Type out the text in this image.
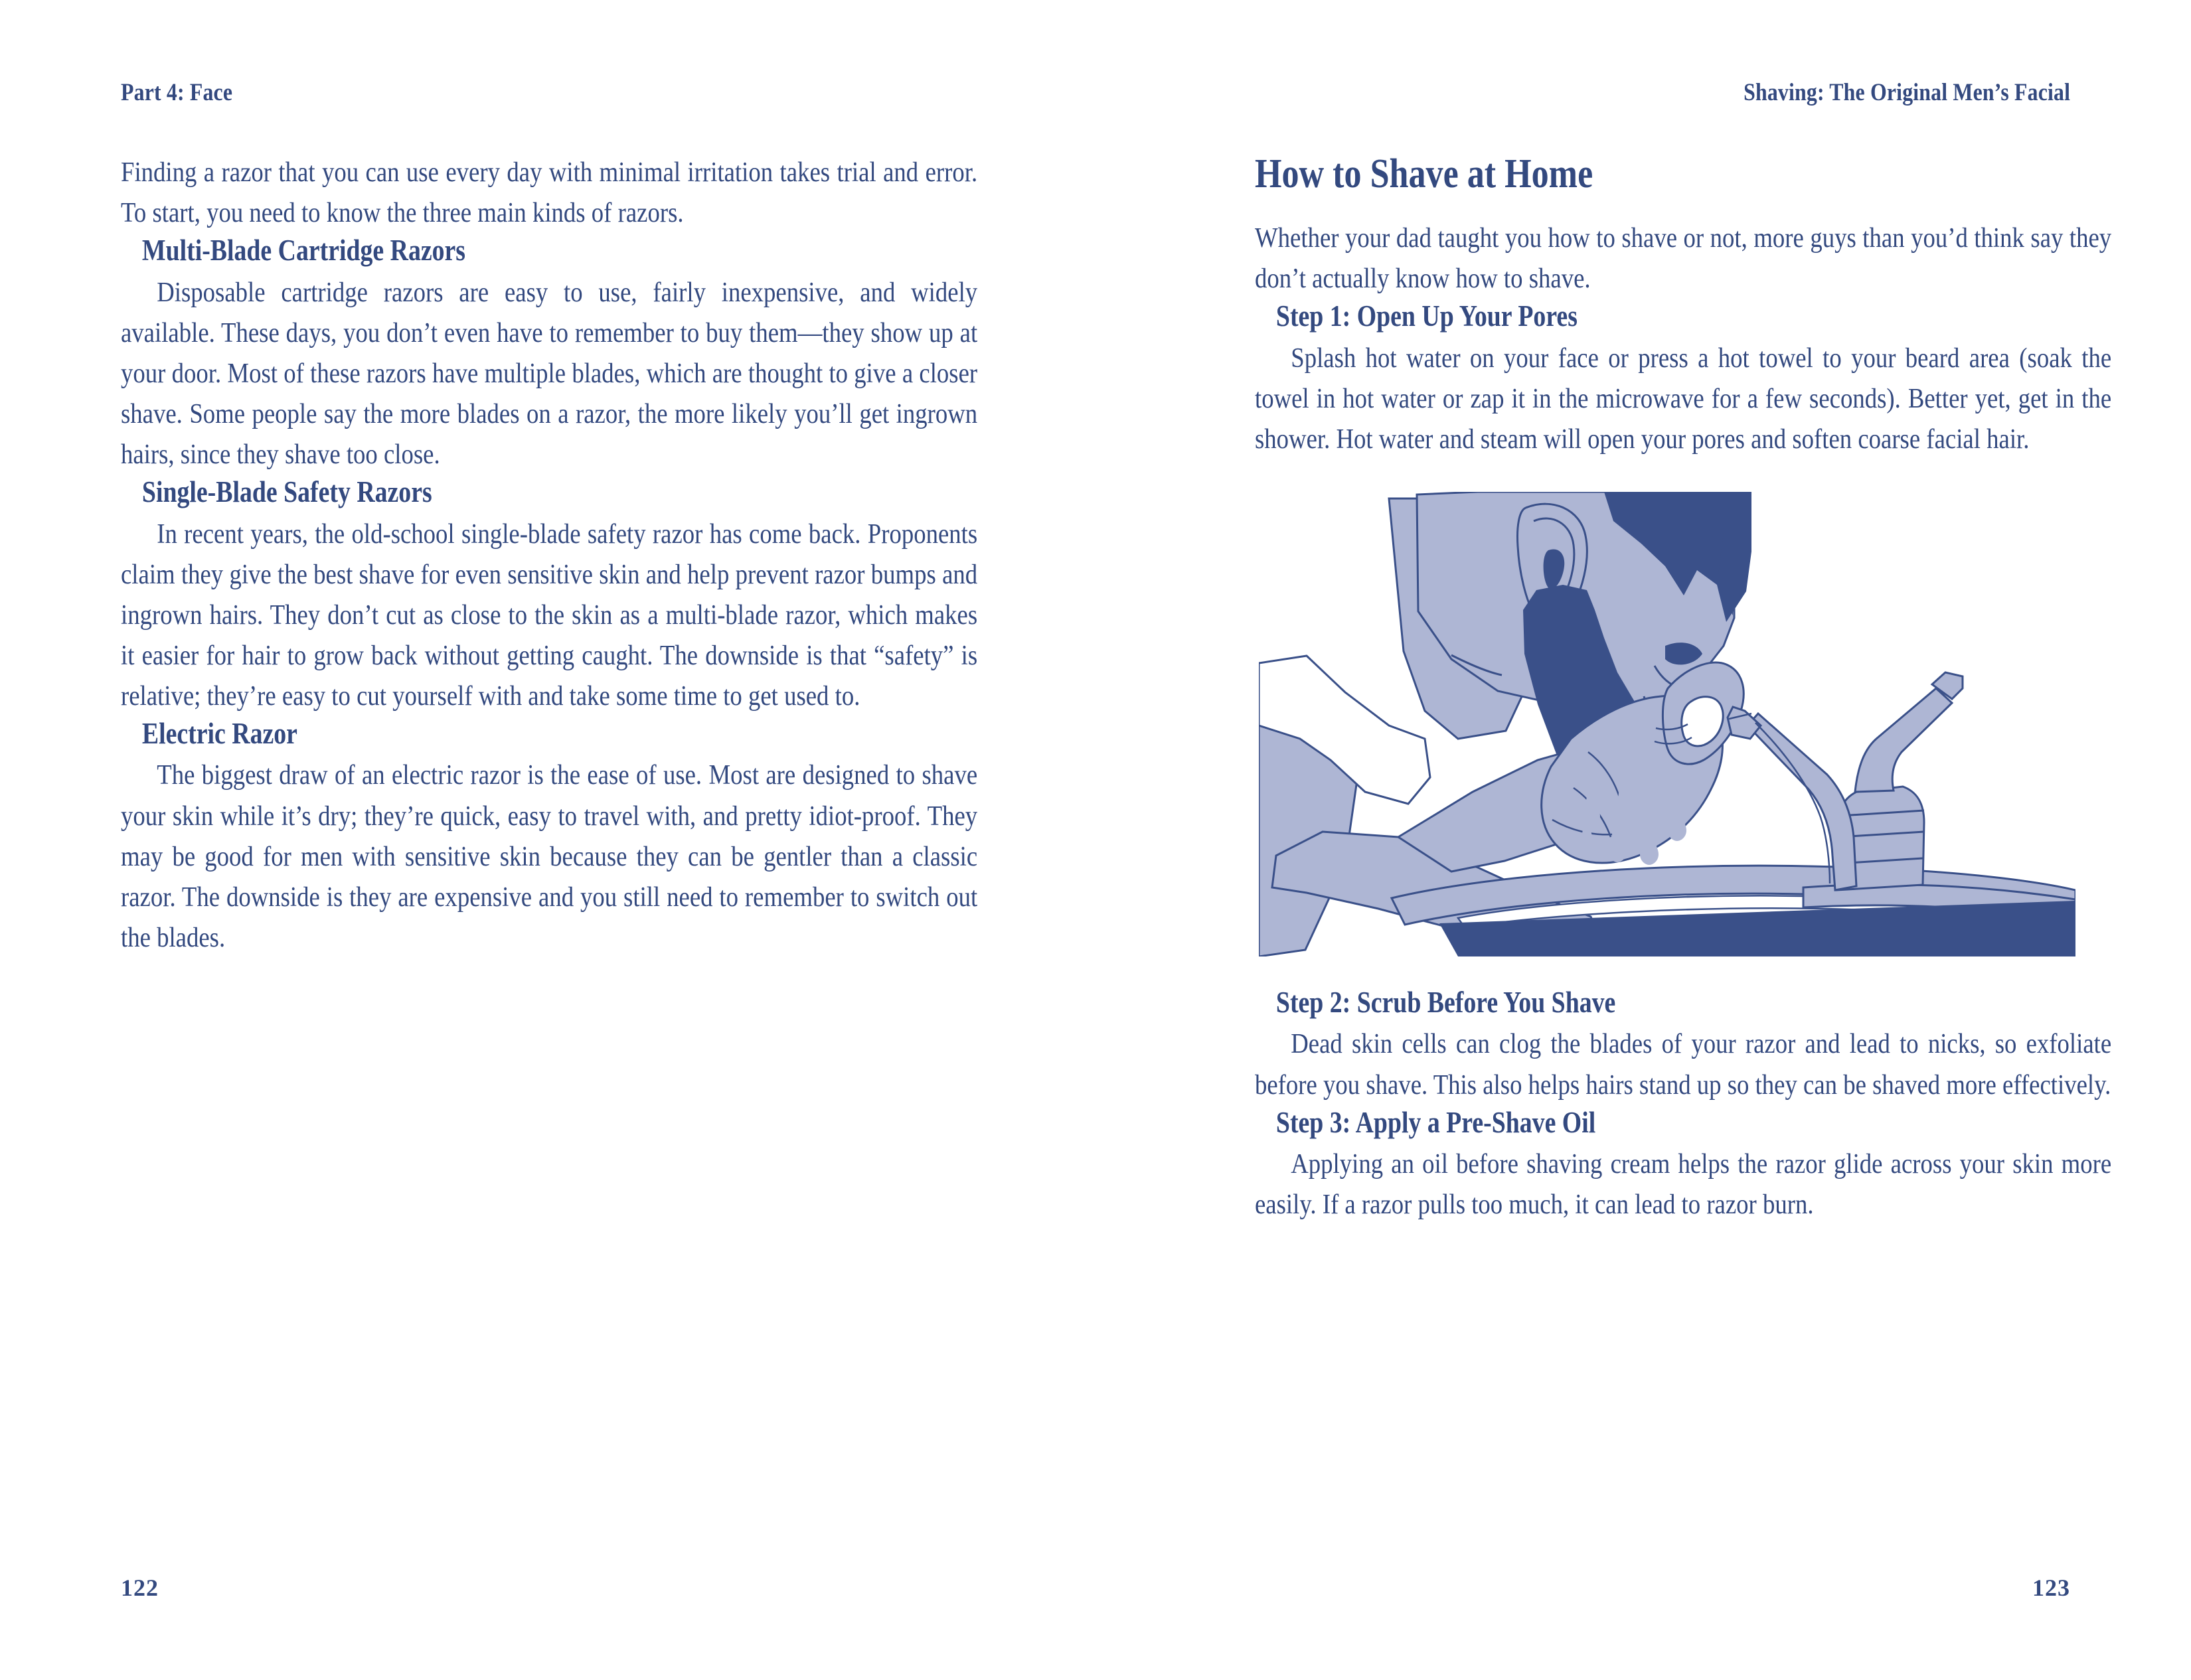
Part 4: Face	Shaving: The Original Men’s Facial

Finding a razor that you can use every day with minimal irritation takes trial and error. To start, you need to know the three main kinds of razors.

Multi-Blade Cartridge Razors

Disposable cartridge razors are easy to use, fairly inexpensive, and widely available. These days, you don’t even have to remember to buy them—they show up at your door. Most of these razors have multiple blades, which are thought to give a closer shave. Some people say the more blades on a razor, the more likely you’ll get ingrown hairs, since they shave too close.

Single-Blade Safety Razors

In recent years, the old-school single-blade safety razor has come back. Proponents claim they give the best shave for even sensitive skin and help prevent razor bumps and ingrown hairs. They don’t cut as close to the skin as a multi-blade razor, which makes it easier for hair to grow back without getting caught. The downside is that “safety” is relative; they’re easy to cut yourself with and take some time to get used to.

Electric Razor

The biggest draw of an electric razor is the ease of use. Most are designed to shave your skin while it’s dry; they’re quick, easy to travel with, and pretty idiot-proof. They may be good for men with sensitive skin because they can be gentler than a classic razor. The downside is they are expensive and you still need to remember to switch out the blades.

How to Shave at Home

Whether your dad taught you how to shave or not, more guys than you’d think say they don’t actually know how to shave.

Step 1: Open Up Your Pores

Splash hot water on your face or press a hot towel to your beard area (soak the towel in hot water or zap it in the microwave for a few seconds). Better yet, get in the shower. Hot water and steam will open your pores and soften coarse facial hair.

Step 2: Scrub Before You Shave

Dead skin cells can clog the blades of your razor and lead to nicks, so exfoliate before you shave. This also helps hairs stand up so they can be shaved more effectively.

Step 3: Apply a Pre-Shave Oil

Applying an oil before shaving cream helps the razor glide across your skin more easily. If a razor pulls too much, it can lead to razor burn.

122	123
